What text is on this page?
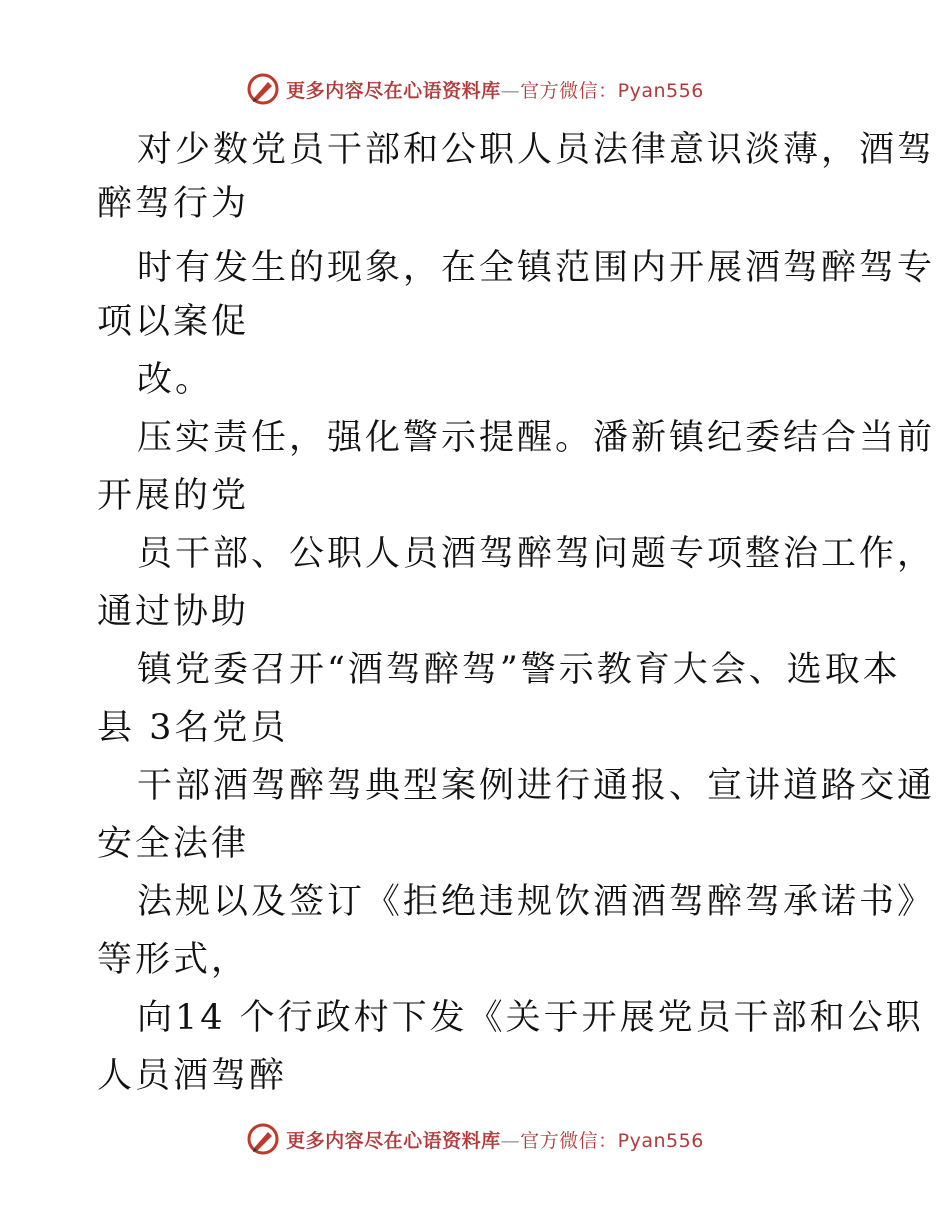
更多内容尽在心语资料库—官方微信：Pyan556
对少数党员干部和公职人员法律意识淡薄，酒驾
醉驾行为
时有发生的现象，在全镇范围内开展酒驾醉驾专
项以案促
改。
压实责任，强化警示提醒。潘新镇纪委结合当前
开展的党
员干部、公职人员酒驾醉驾问题专项整治工作，
通过协助
镇党委召开“酒驾醉驾”警示教育大会、选取本
县 3名党员
干部酒驾醉驾典型案例进行通报、宣讲道路交通
安全法律
法规以及签订《拒绝违规饮酒酒驾醉驾承诺书》
等形式，
向14 个行政村下发《关于开展党员干部和公职
人员酒驾醉
更多内容尽在心语资料库—官方微信：Pyan556
